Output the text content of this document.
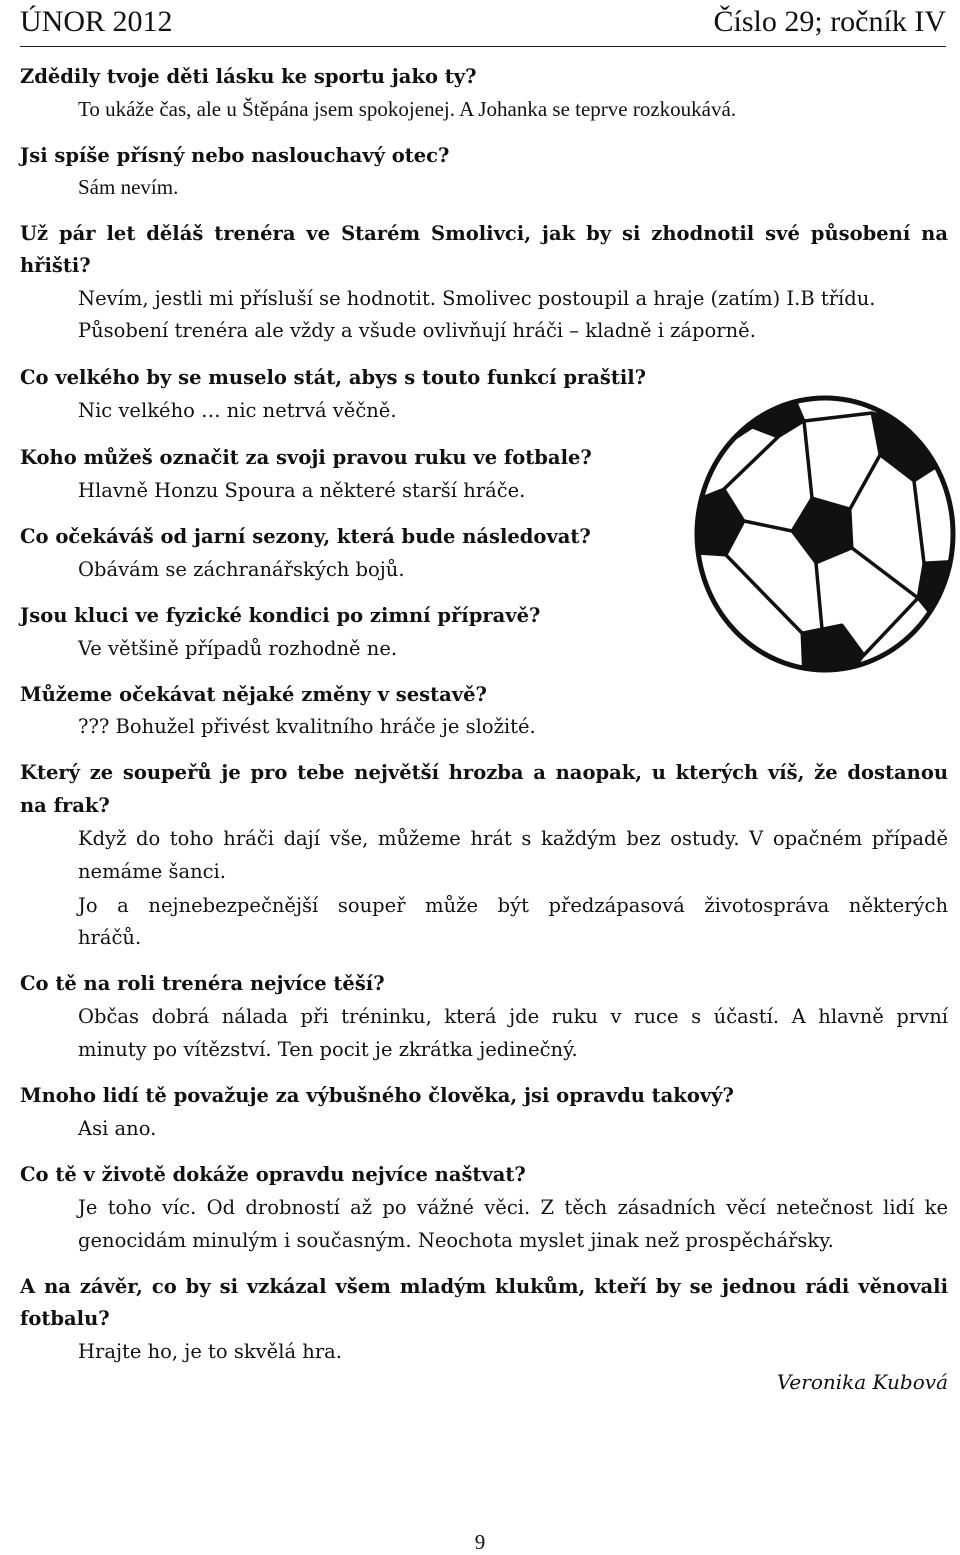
ÚNOR 2012	Číslo 29; ročník IV
Zdědily tvoje děti lásku ke sportu jako ty?
To ukáže čas, ale u Štěpána jsem spokojenej. A Johanka se teprve rozkoukává.
Jsi spíše přísný nebo naslouchavý otec?
Sám nevím.
Už pár let děláš trenéra ve Starém Smolivci, jak by si zhodnotil své působení na
hřišti?
Nevím, jestli mi přísluší se hodnotit. Smolivec postoupil a hraje (zatím) I.B třídu.
Působení trenéra ale vždy a všude ovlivňují hráči – kladně i záporně.
Co velkého by se muselo stát, abys s touto funkcí praštil?
Nic velkého … nic netrvá věčně.
Koho můžeš označit za svoji pravou ruku ve fotbale?
Hlavně Honzu Spoura a některé starší hráče.
Co očekáváš od jarní sezony, která bude následovat?
Obávám se záchranářských bojů.
Jsou kluci ve fyzické kondici po zimní přípravě?
Ve většině případů rozhodně ne.
Můžeme očekávat nějaké změny v sestavě?
??? Bohužel přivést kvalitního hráče je složité.
Který ze soupeřů je pro tebe největší hrozba a naopak, u kterých víš, že dostanou
na frak?
Když do toho hráči dají vše, můžeme hrát s každým bez ostudy. V opačném případě
nemáme šanci.
Jo a nejnebezpečnější soupeř může být předzápasová životospráva některých
hráčů.
Co tě na roli trenéra nejvíce těší?
Občas dobrá nálada při tréninku, která jde ruku v ruce s účastí. A hlavně první
minuty po vítězství. Ten pocit je zkrátka jedinečný.
Mnoho lidí tě považuje za výbušného člověka, jsi opravdu takový?
Asi ano.
Co tě v životě dokáže opravdu nejvíce naštvat?
Je toho víc. Od drobností až po vážné věci. Z těch zásadních věcí netečnost lidí ke
genocidám minulým i současným. Neochota myslet jinak než prospěchářsky.
A na závěr, co by si vzkázal všem mladým klukům, kteří by se jednou rádi věnovali
fotbalu?
Hrajte ho, je to skvělá hra.
Veronika Kubová
9
